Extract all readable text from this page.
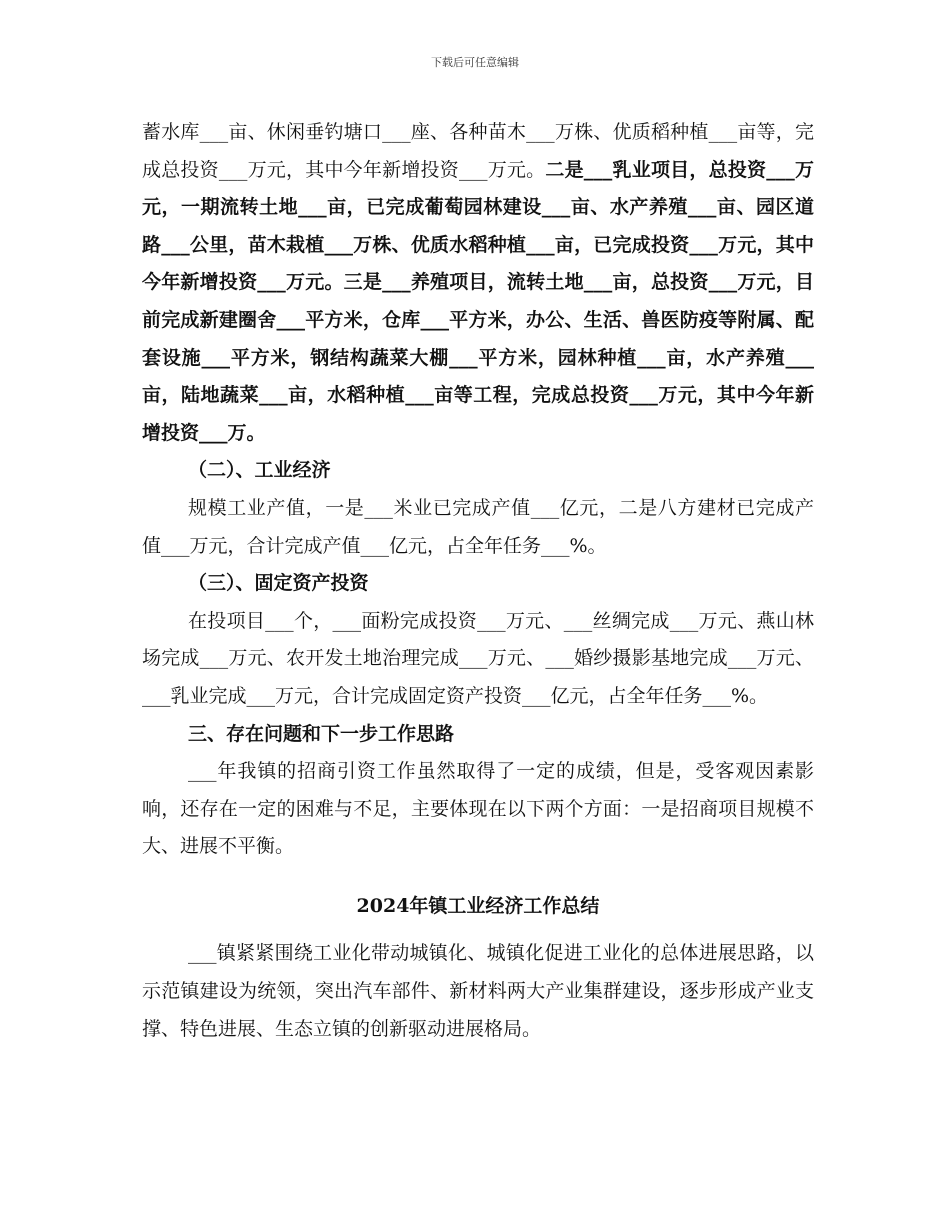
下载后可任意编辑

蓄水库___亩、休闲垂钓塘口___座、各种苗木___万株、优质稻种植___亩等，完成总投资___万元，其中今年新增投资___万元。二是___乳业项目，总投资___万元，一期流转土地___亩，已完成葡萄园林建设___亩、水产养殖___亩、园区道路___公里，苗木栽植___万株、优质水稻种植___亩，已完成投资___万元，其中今年新增投资___万元。三是___养殖项目，流转土地___亩，总投资___万元，目前完成新建圈舍___平方米，仓库___平方米，办公、生活、兽医防疫等附属、配套设施___平方米，钢结构蔬菜大棚___平方米，园林种植___亩，水产养殖___亩，陆地蔬菜___亩，水稻种植___亩等工程，完成总投资___万元，其中今年新增投资___万。

（二）、工业经济

规模工业产值，一是___米业已完成产值___亿元，二是八方建材已完成产值___万元，合计完成产值___亿元，占全年任务___%。

（三）、固定资产投资

在投项目___个，___面粉完成投资___万元、___丝绸完成___万元、燕山林场完成___万元、农开发土地治理完成___万元、___婚纱摄影基地完成___万元、___乳业完成___万元，合计完成固定资产投资___亿元，占全年任务___%。

三、存在问题和下一步工作思路

___年我镇的招商引资工作虽然取得了一定的成绩，但是，受客观因素影响，还存在一定的困难与不足，主要体现在以下两个方面：一是招商项目规模不大、进展不平衡。

2024年镇工业经济工作总结

___镇紧紧围绕工业化带动城镇化、城镇化促进工业化的总体进展思路，以示范镇建设为统领，突出汽车部件、新材料两大产业集群建设，逐步形成产业支撑、特色进展、生态立镇的创新驱动进展格局。
